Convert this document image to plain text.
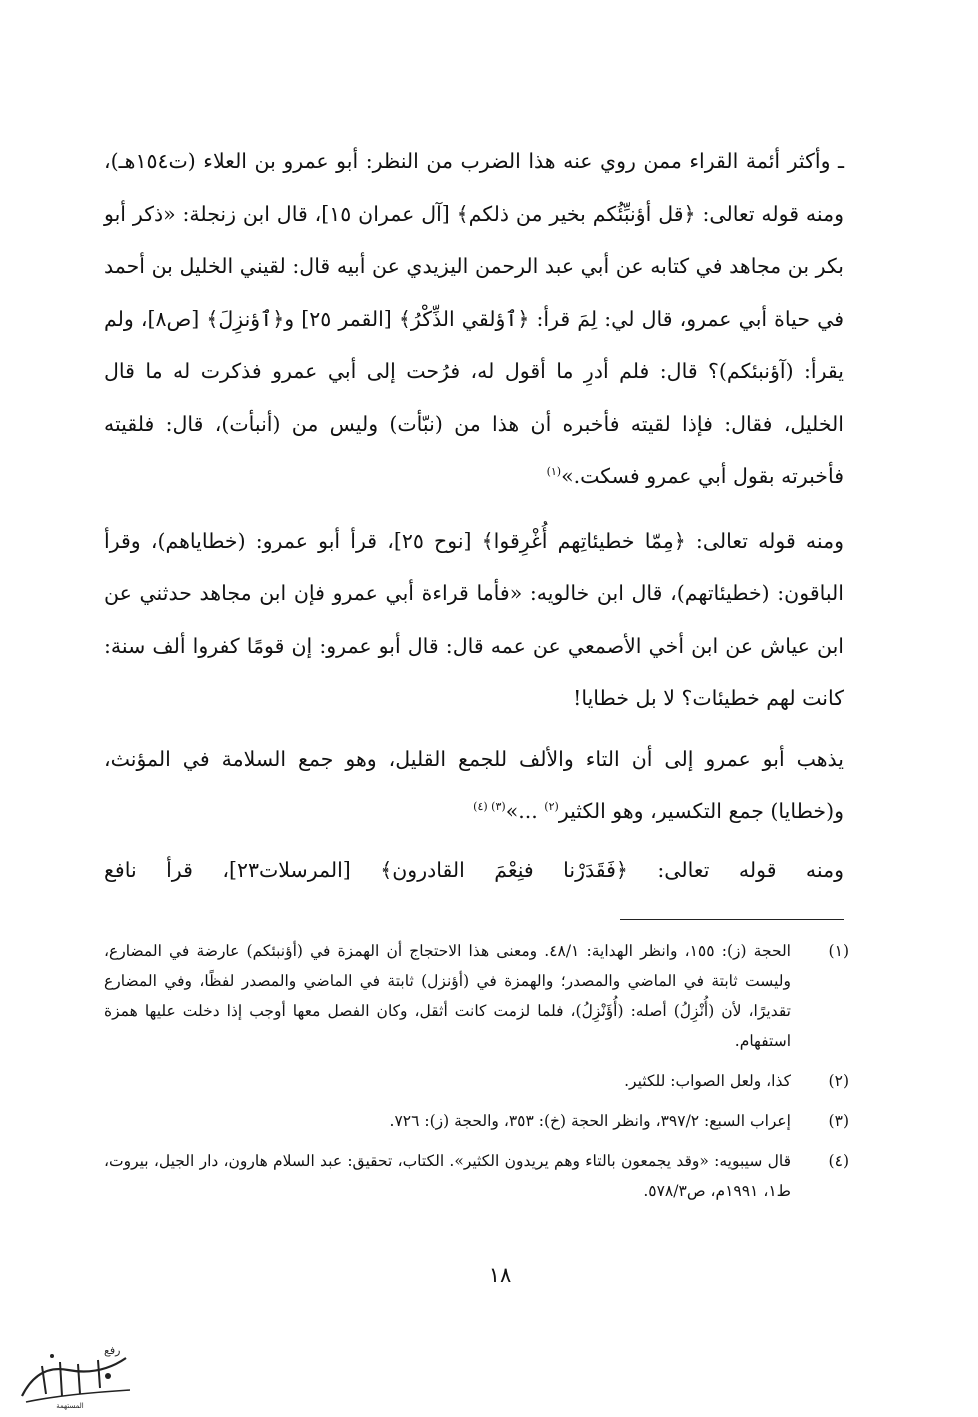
ـ وأكثر أئمة القراء ممن روي عنه هذا الضرب من النظر: أبو عمرو بن العلاء (ت١٥٤هـ)، ومنه قوله تعالى: ﴿قل أؤنبِّئُكم بخير من ذلكم﴾ [آل عمران ١٥]، قال ابن زنجلة: «ذكر أبو بكر بن مجاهد في كتابه عن أبي عبد الرحمن اليزيدي عن أبيه قال: لقيني الخليل بن أحمد في حياة أبي عمرو، قال لي: لِمَ قرأ: ﴿ٱؤلقي الذِّكْرُ﴾ [القمر ٢٥] و﴿ٱؤنزِلَ﴾ [ص٨]، ولم يقرأ: (آؤنبئكم)؟ قال: فلم أدرِ ما أقول له، فرُحت إلى أبي عمرو فذكرت له ما قال الخليل، فقال: فإذا لقيته فأخبره أن هذا من (نبّأت) وليس من (أنبأت)، قال: فلقيته فأخبرته بقول أبي عمرو فسكت.»$^{(١)}$

ومنه قوله تعالى: ﴿مِمّا خطيئاتِهم أُغْرِقوا﴾ [نوح ٢٥]، قرأ أبو عمرو: (خطاياهم)، وقرأ الباقون: (خطيئاتهم)، قال ابن خالويه: «فأما قراءة أبي عمرو فإن ابن مجاهد حدثني عن ابن عياش عن ابن أخي الأصمعي عن عمه قال: قال أبو عمرو: إن قومًا كفروا ألف سنة: كانت لهم خطيئات؟ لا بل خطايا!

يذهب أبو عمرو إلى أن التاء والألف للجمع القليل، وهو جمع السلامة في المؤنث، و(خطايا) جمع التكسير، وهو الكثير$^{(٢)}$ ...»$^{(٣) (٤)}$

ومنه قوله تعالى: ﴿فَقَدَرْنا فنِعْمَ القادرون﴾ [المرسلات٢٣]، قرأ نافع

(١)
الحجة (ز): ١٥٥، وانظر الهداية: ٤٨/١. ومعنى هذا الاحتجاج أن الهمزة في (أؤنبئكم) عارضة في المضارع، وليست ثابتة في الماضي والمصدر؛ والهمزة في (أؤنزل) ثابتة في الماضي والمصدر لفظًا، وفي المضارع تقديرًا، لأن (أُنْزِلُ) أصله: (أُؤَنْزِلُ)، فلما لزمت كانت أثقل، وكان الفصل معها أوجب إذا دخلت عليها همزة استفهام.
(٢)
كذا، ولعل الصواب: للكثير.
(٣)
إعراب السبع: ٣٩٧/٢، وانظر الحجة (خ): ٣٥٣، والحجة (ز): ٧٢٦.
(٤)
قال سيبويه: «وقد يجمعون بالتاء وهم يريدون الكثير». الكتاب، تحقيق: عبد السلام هارون، دار الجيل، بيروت، ط١، ١٩٩١م، ص٥٧٨/٣.
١٨
رفع
المستهمة
